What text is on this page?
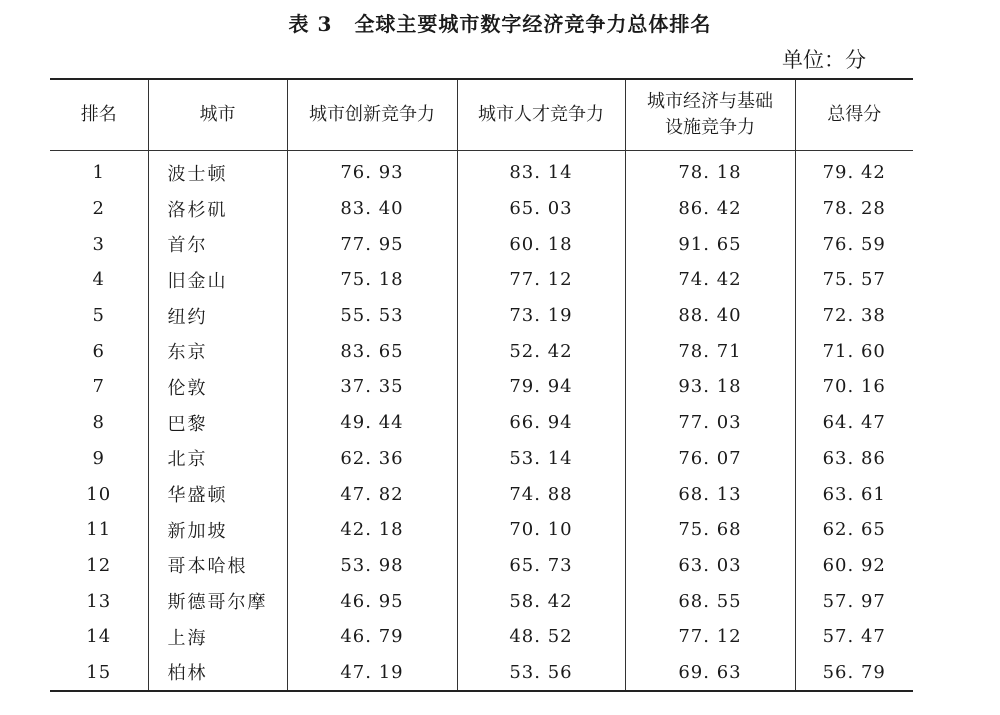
表 3 全球主要城市数字经济竞争力总体排名
单位：分
排名	城市	城市创新竞争力	城市人才竞争力	城市经济与基础
设施竞争力	总得分
1	波士顿	76. 93	83. 14	78. 18	79. 42
2	洛杉矶	83. 40	65. 03	86. 42	78. 28
3	首尔	77. 95	60. 18	91. 65	76. 59
4	旧金山	75. 18	77. 12	74. 42	75. 57
5	纽约	55. 53	73. 19	88. 40	72. 38
6	东京	83. 65	52. 42	78. 71	71. 60
7	伦敦	37. 35	79. 94	93. 18	70. 16
8	巴黎	49. 44	66. 94	77. 03	64. 47
9	北京	62. 36	53. 14	76. 07	63. 86
10	华盛顿	47. 82	74. 88	68. 13	63. 61
11	新加坡	42. 18	70. 10	75. 68	62. 65
12	哥本哈根	53. 98	65. 73	63. 03	60. 92
13	斯德哥尔摩	46. 95	58. 42	68. 55	57. 97
14	上海	46. 79	48. 52	77. 12	57. 47
15	柏林	47. 19	53. 56	69. 63	56. 79
